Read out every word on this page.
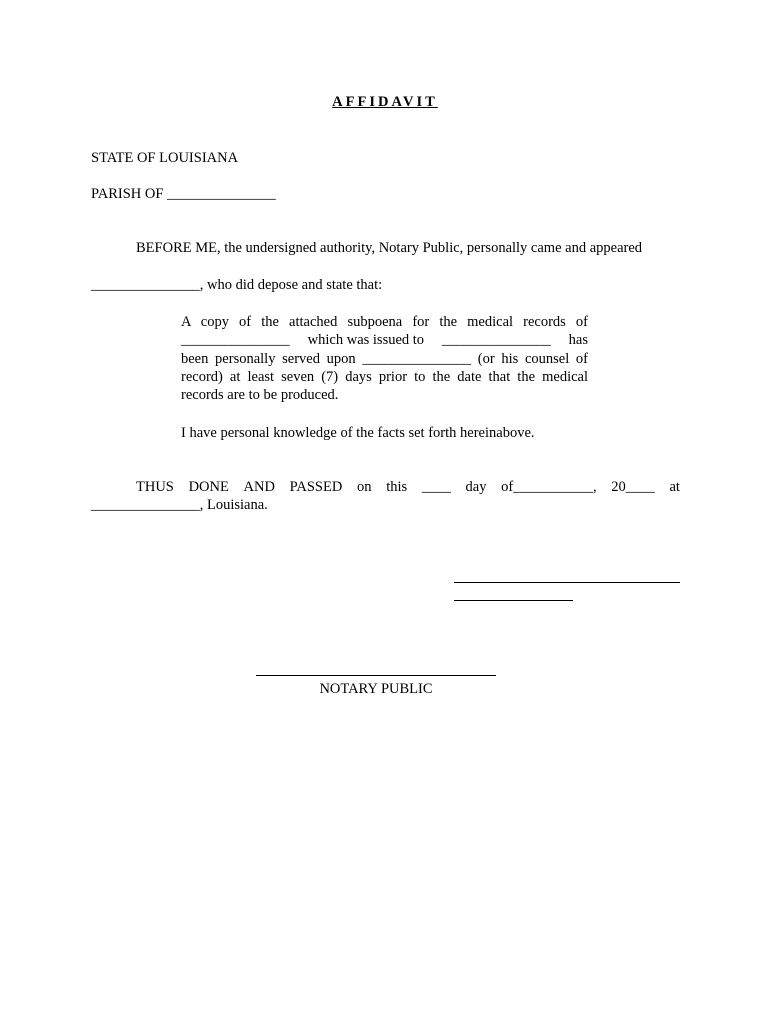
AFFIDAVIT
STATE OF LOUISIANA
PARISH OF _______________
BEFORE ME, the undersigned authority, Notary Public, personally came and appeared
_______________, who did depose and state that:
A copy of the attached subpoena for the medical records of
_______________ which was issued to _______________ has
been personally served upon _______________ (or his counsel of
record) at least seven (7) days prior to the date that the medical
records are to be produced.
I have personal knowledge of the facts set forth hereinabove.
THUS DONE AND PASSED on this ____ day of___________, 20____ at
_______________, Louisiana.
NOTARY PUBLIC
